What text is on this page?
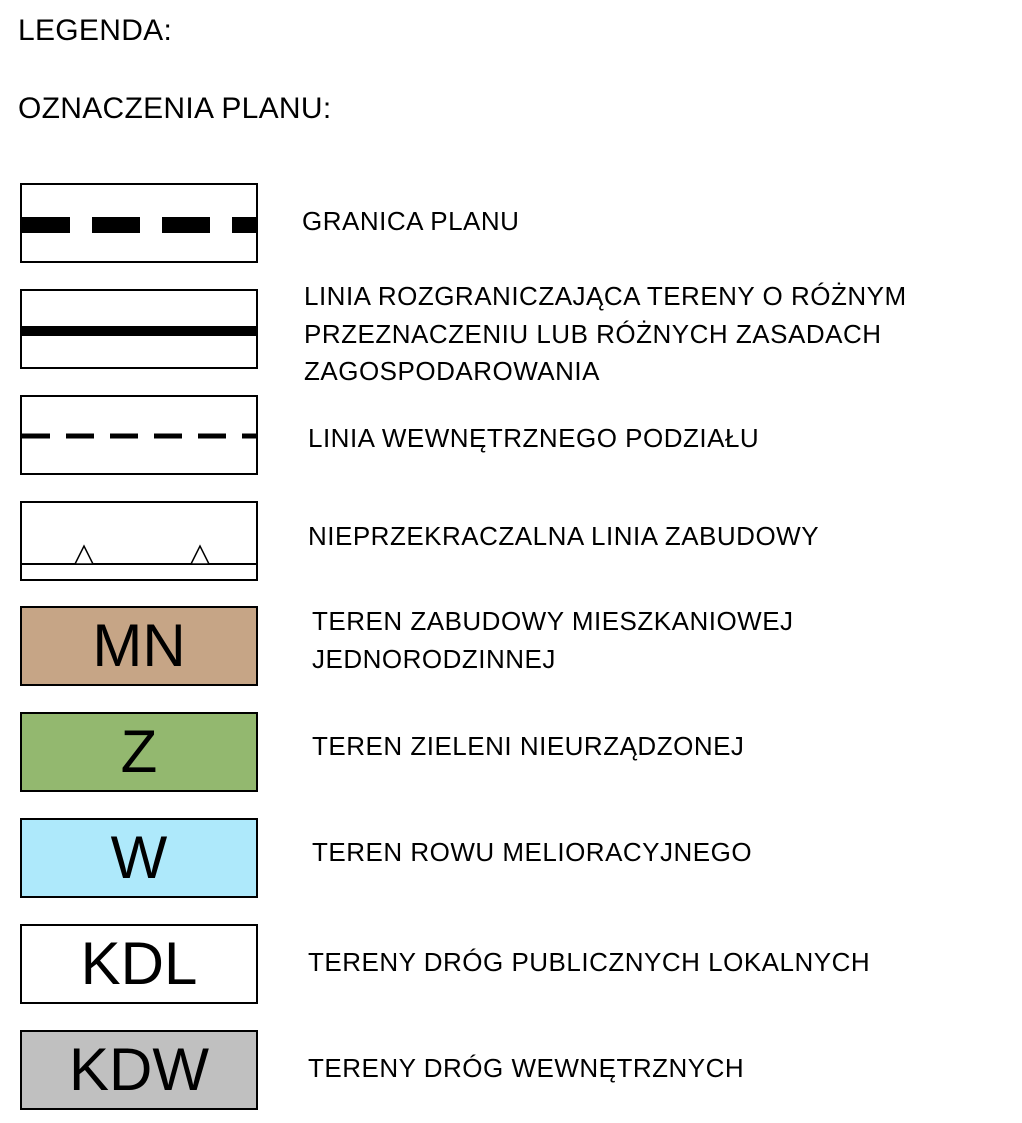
LEGENDA:
OZNACZENIA PLANU:
GRANICA PLANU
LINIA ROZGRANICZAJĄCA TERENY O RÓŻNYM
PRZEZNACZENIU LUB RÓŻNYCH ZASADACH
ZAGOSPODAROWANIA
LINIA WEWNĘTRZNEGO PODZIAŁU
NIEPRZEKRACZALNA LINIA ZABUDOWY
MN	TEREN ZABUDOWY MIESZKANIOWEJ
JEDNORODZINNEJ
Z	TEREN ZIELENI NIEURZĄDZONEJ
W	TEREN ROWU MELIORACYJNEGO
KDL	TERENY DRÓG PUBLICZNYCH LOKALNYCH
KDW	TERENY DRÓG WEWNĘTRZNYCH
